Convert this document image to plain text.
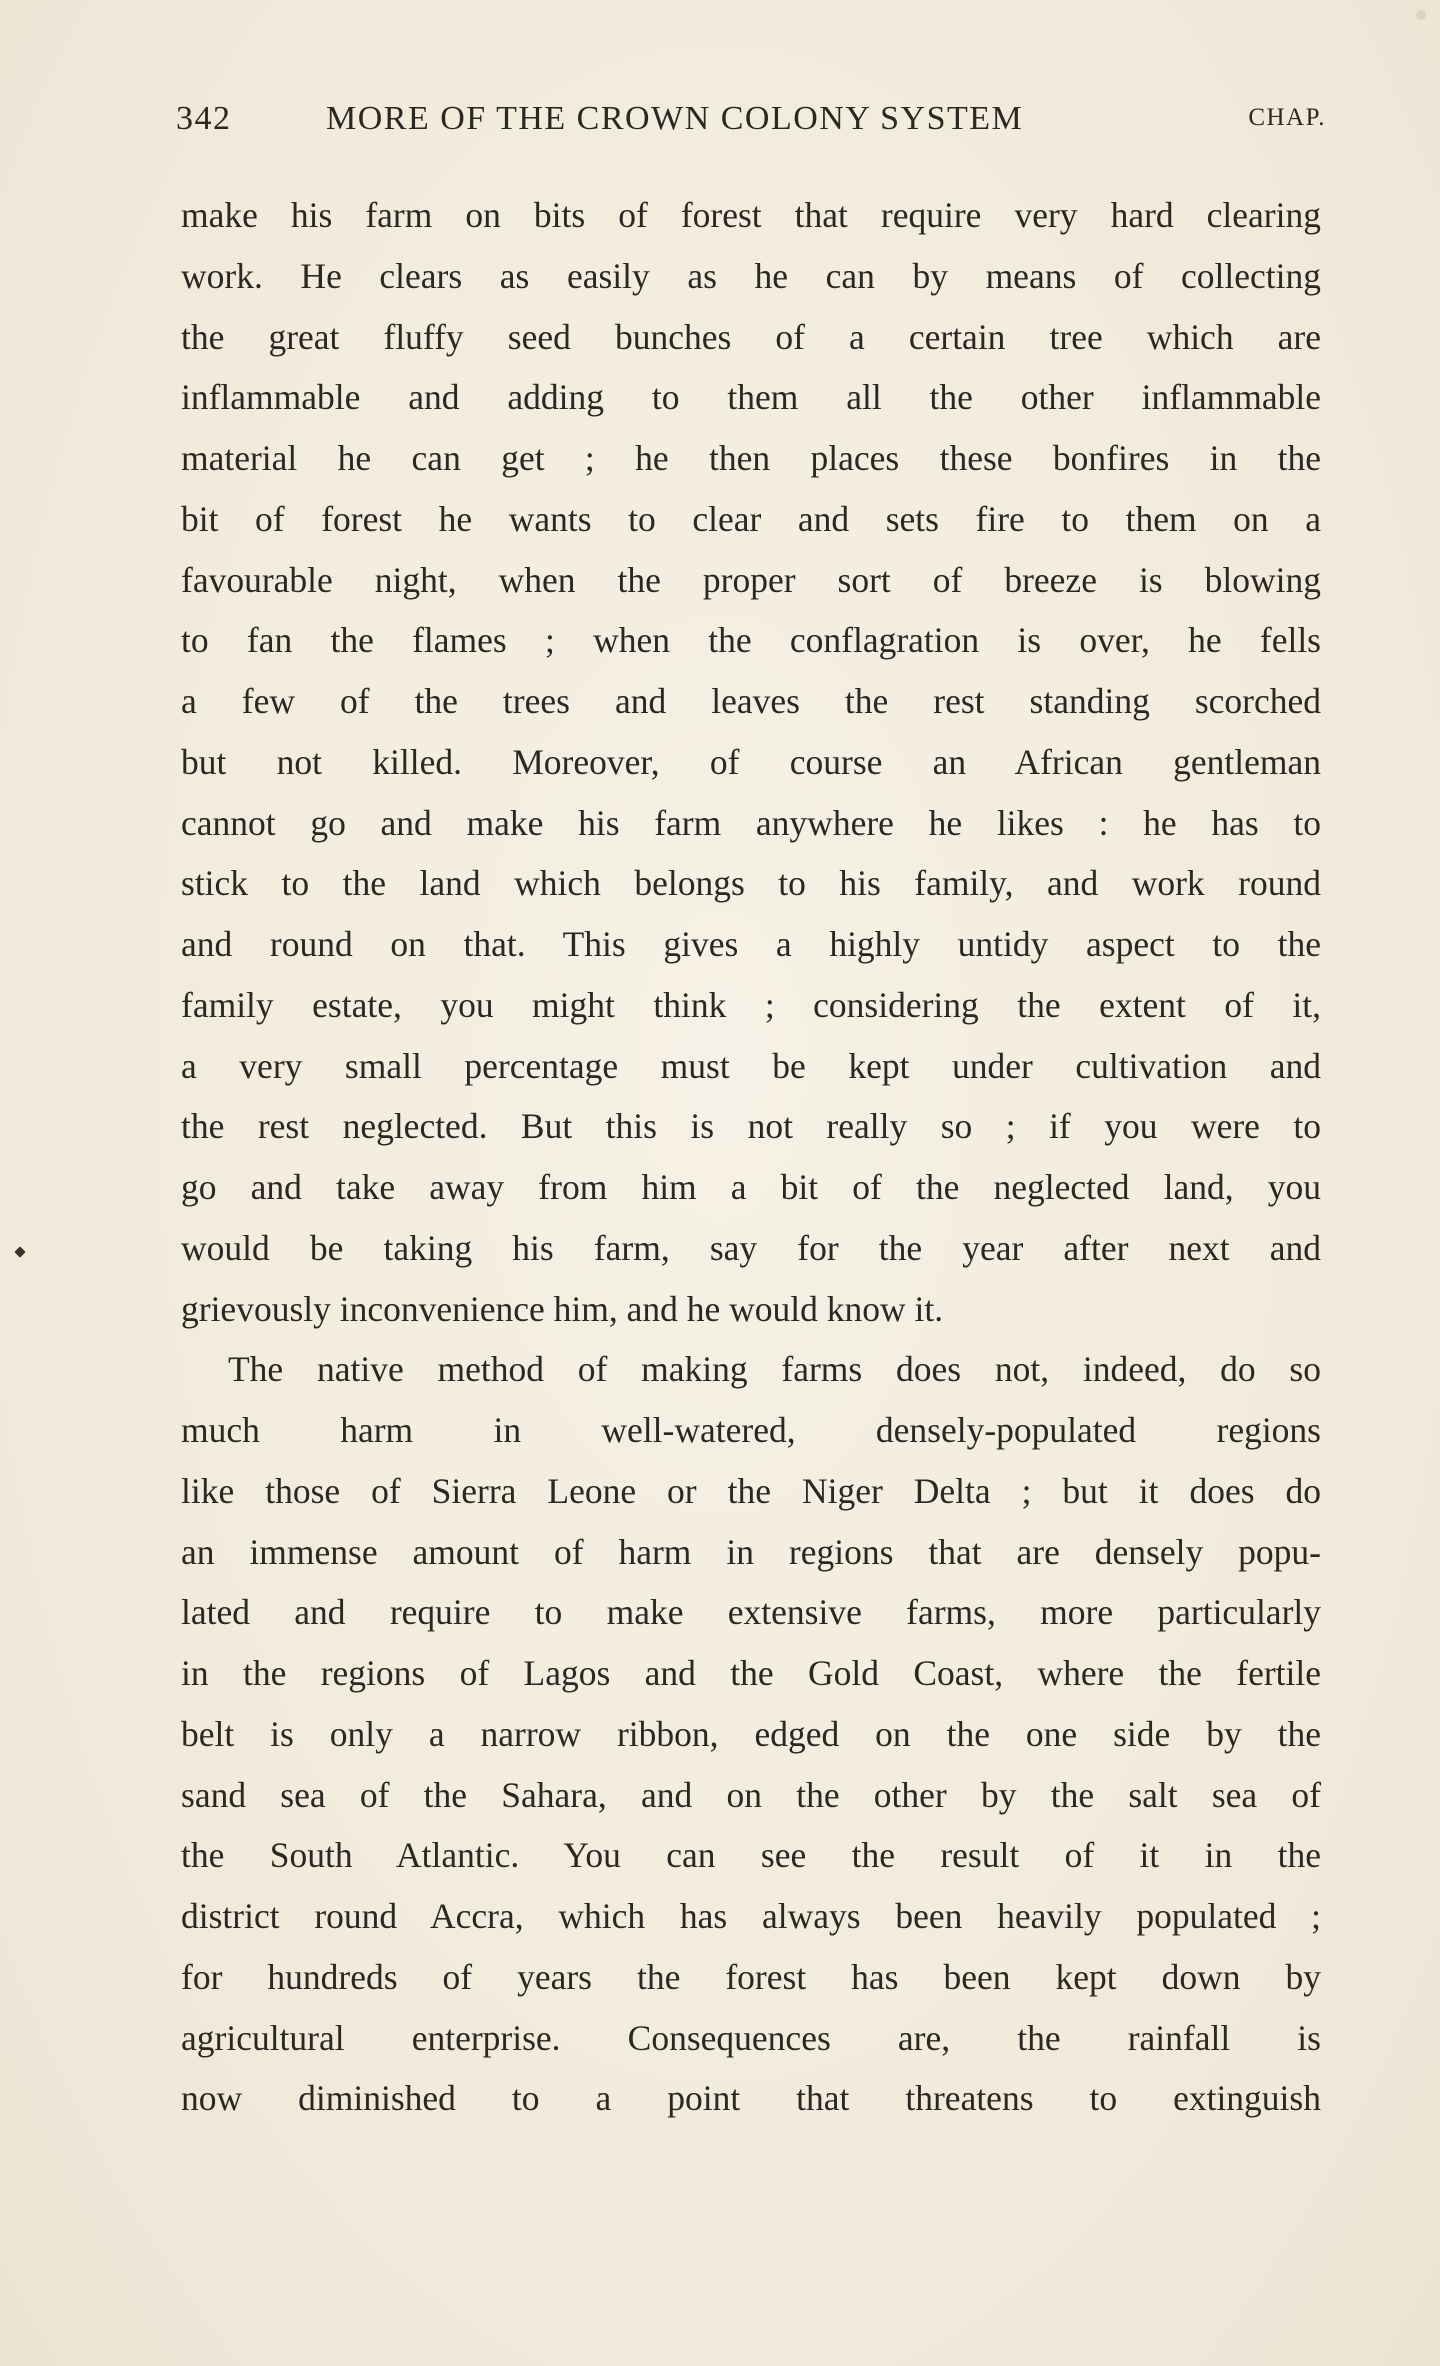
342	MORE OF THE CROWN COLONY SYSTEM	CHAP.
make his farm on bits of forest that require very hard clearing
work. He clears as easily as he can by means of collecting
the great fluffy seed bunches of a certain tree which are
inflammable and adding to them all the other inflammable
material he can get ; he then places these bonfires in the
bit of forest he wants to clear and sets fire to them on a
favourable night, when the proper sort of breeze is blowing
to fan the flames ; when the conflagration is over, he fells
a few of the trees and leaves the rest standing scorched
but not killed. Moreover, of course an African gentleman
cannot go and make his farm anywhere he likes : he has to
stick to the land which belongs to his family, and work round
and round on that. This gives a highly untidy aspect to the
family estate, you might think ; considering the extent of it,
a very small percentage must be kept under cultivation and
the rest neglected. But this is not really so ; if you were to
go and take away from him a bit of the neglected land, you
would be taking his farm, say for the year after next and
grievously inconvenience him, and he would know it.
The native method of making farms does not, indeed, do so
much harm in well-watered, densely-populated regions
like those of Sierra Leone or the Niger Delta ; but it does do
an immense amount of harm in regions that are densely popu-
lated and require to make extensive farms, more particularly
in the regions of Lagos and the Gold Coast, where the fertile
belt is only a narrow ribbon, edged on the one side by the
sand sea of the Sahara, and on the other by the salt sea of
the South Atlantic. You can see the result of it in the
district round Accra, which has always been heavily populated ;
for hundreds of years the forest has been kept down by
agricultural enterprise. Consequences are, the rainfall is
now diminished to a point that threatens to extinguish
